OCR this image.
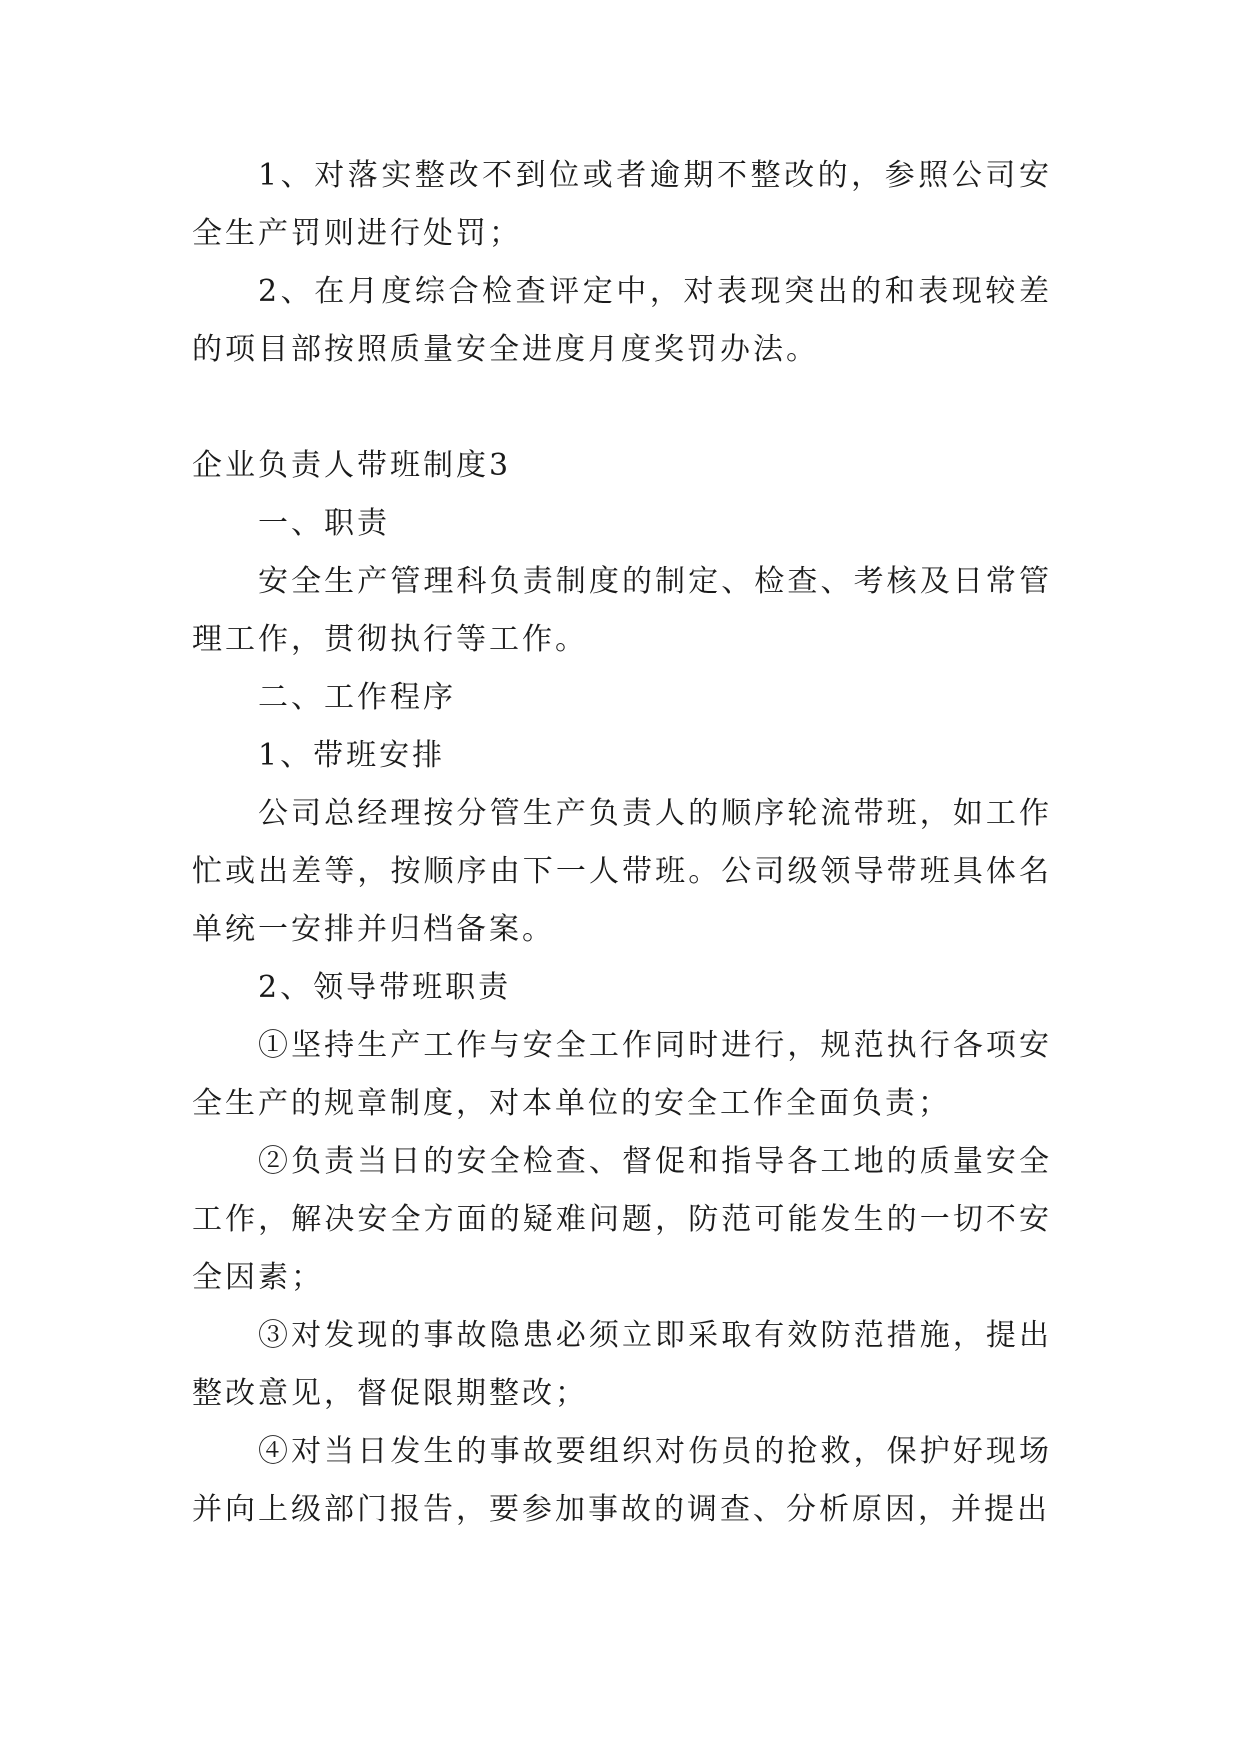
1、对落实整改不到位或者逾期不整改的，参照公司安全生产罚则进行处罚；

2、在月度综合检查评定中，对表现突出的和表现较差的项目部按照质量安全进度月度奖罚办法。

企业负责人带班制度3

一、职责

安全生产管理科负责制度的制定、检查、考核及日常管理工作，贯彻执行等工作。

二、工作程序

1、带班安排

公司总经理按分管生产负责人的顺序轮流带班，如工作忙或出差等，按顺序由下一人带班。公司级领导带班具体名单统一安排并归档备案。

2、领导带班职责

①坚持生产工作与安全工作同时进行，规范执行各项安全生产的规章制度，对本单位的安全工作全面负责；

②负责当日的安全检查、督促和指导各工地的质量安全工作，解决安全方面的疑难问题，防范可能发生的一切不安全因素；

③对发现的事故隐患必须立即采取有效防范措施，提出整改意见，督促限期整改；

④对当日发生的事故要组织对伤员的抢救，保护好现场并向上级部门报告，要参加事故的调查、分析原因，并提出
